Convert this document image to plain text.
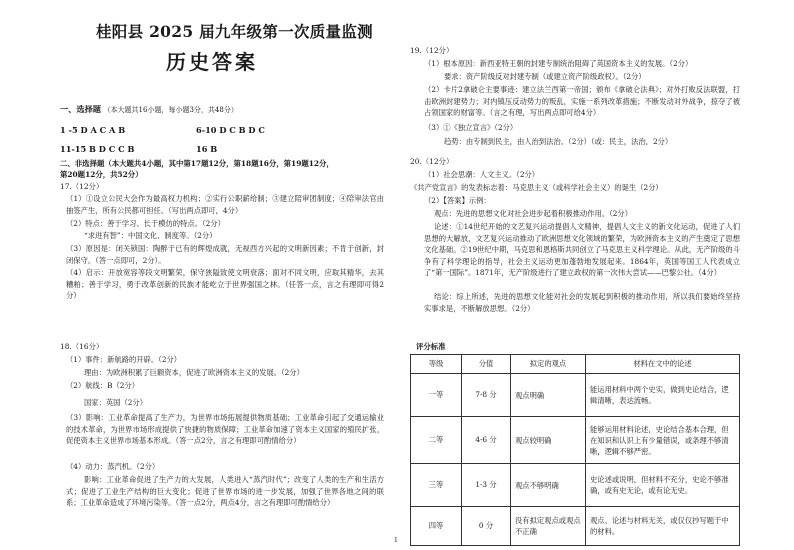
桂阳县 2025 届九年级第一次质量监测
历史答案
一、选择题 （本大题共16小题，每小题3分，共48分）
1 -5 D A C A B	6-10 D C B D C
11-15 B D C C B	16 B
二、非选择题（本大题共4小题，其中第17题12分，第18题16分，第19题12分，
第20题12分，共52分）
17.（12分）
（1）①设立公民大会作为最高权力机构；②实行公职薪给制；③建立陪审团制度；④陪审法官由抽签产生，所有公民都可担任。（写出两点即可，4分）
（2）特点：善于学习、长于模仿的特点。（2分）
“求进有智”：中国文化、制度等。（2分）
（3）原因是：闭关锁国：陶醉于已有的辉煌成就，无视西方兴起的文明新因素；不肯于创新，封闭保守。（答一点即可，2分）。
（4）启示：开放宽容等段文明繁荣，保守狭隘致使文明衰落；面对不同文明，应取其精华，去其糟粕；善于学习，勇于改革创新的民族才能屹立于世界强国之林。（任答一点，言之有理即可得2分）
18.（16分）
（1）事件：新航路的开辟。（2分）
理由：为欧洲积累了巨额资本，促进了欧洲资本主义的发展。（2分）
（2）航线：B（2分）
国家：英国（2分）
（3）影响：工业革命提高了生产力，为世界市场拓展提供物质基础；工业革命引起了交通运输业的技术革命，为世界市场形成提供了快捷的物质保障；工业革命加速了资本主义国家的殖民扩张，促使资本主义世界市场基本形成。（答一点2分，言之有理即可酌情给分）
（4）动力：蒸汽机。（2分）
影响：工业革命促进了生产力的大发展，人类进入“蒸汽时代”；改变了人类的生产和生活方式；促进了工业生产结构的巨大变化；促进了世界市场的进一步发展，加强了世界各地之间的联系；工业革命造成了环境污染等。（答一点2分，两点4分，言之有理即可酌情给分）
19.（12分）
（1）根本原因：新西亚特王朝的封建专制统治阻碍了英国资本主义的发展。（2分）
要求：资产阶级反对封建专制（或建立资产阶级政权）。（2分）
（2）卡片2拿破仑主要事迹：建立法兰西第一帝国；颁布《拿破仑法典》；对外打败反法联盟，打击欧洲封建势力；对内镇压反动势力的叛乱，实施一系列改革措施；不断发动对外战争，掠夺了被占领国家的财富等。（言之有理，写出两点即可给4分）
（3）①《独立宣言》（2分）
趋势：由专制到民主，由人治到法治。（2分）（或：民主，法治，2分）
20.（12分）
（1）社会思潮：人文主义。（2分）
《共产党宣言》的发表标志着：马克思主义（或科学社会主义）的诞生（2分）
（2）【答案】示例：
观点：先进的思想文化对社会进步起着积极推动作用。（2分）
论述：①14世纪开始的文艺复兴运动提倡人文精神，提倡人文主义的新文化运动，促进了人们思想的大解放，文艺复兴运动推动了欧洲思想文化领域的繁荣，为欧洲资本主义的产生奠定了思想文化基础。②19世纪中期，马克思和恩格斯共同创立了马克思主义科学理论。从此，无产阶级的斗争有了科学理论的指导，社会主义运动更加蓬勃地发展起来。1864年，英国等国工人代表成立了“第一国际”。1871年，无产阶级进行了建立政权的第一次伟大尝试——巴黎公社。（4分）
结论：综上所述，先进的思想文化能对社会的发展起到积极的推动作用，所以我们要始终坚持实事求是，不断解放思想。（2分）
评分标准
等级	分值	拟定的观点	材料在文中的论述
一等	7-8 分	观点明确	能运用材料中两个史实，做到史论结合，逻辑清晰，表达流畅。
二等	4-6 分	观点较明确	能够运用材料论述，史论结合基本合理，但在知识和认识上有少量错误，或条理不够清晰，逻辑不够严密。
三等	1-3 分	观点不够明确	史论述或说明，但材料不充分，史论不够准确，或有史无论，或有论无史。
四等	0 分	没有拟定观点或观点不正确	观点、论述与材料无关，或仅仅抄写题干中的材料。
1
